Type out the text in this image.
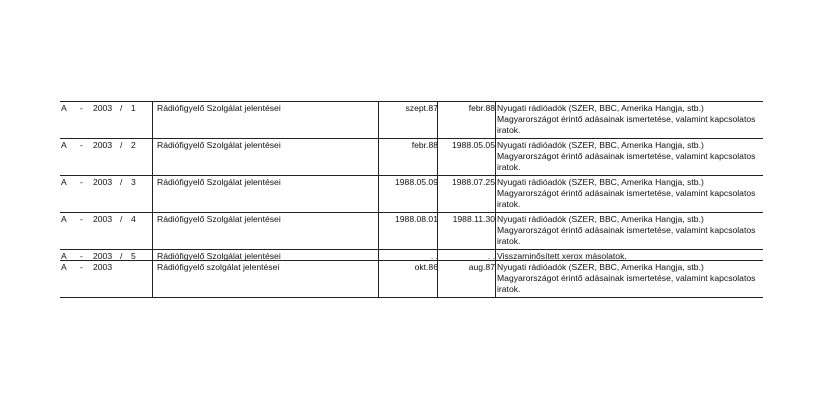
A - 2003 / 1 Rádiófigyelő Szolgálat jelentései	szept.87	febr.88 Nyugati rádióadók (SZER, BBC, Amerika Hangja, stb.) Magyarországot érintő adásainak ismertetése, valamint kapcsolatos iratok.
A - 2003 / 2 Rádiófigyelő Szolgálat jelentései	febr.88 1988.05.05 Nyugati rádióadók (SZER, BBC, Amerika Hangja, stb.) Magyarországot érintő adásainak ismertetése, valamint kapcsolatos iratok.
A - 2003 / 3 Rádiófigyelő Szolgálat jelentései	1988.05.09 1988.07.25 Nyugati rádióadók (SZER, BBC, Amerika Hangja, stb.) Magyarországot érintő adásainak ismertetése, valamint kapcsolatos iratok.
A - 2003 / 4 Rádiófigyelő Szolgálat jelentései	1988.08.01 1988.11.30 Nyugati rádióadók (SZER, BBC, Amerika Hangja, stb.) Magyarországot érintő adásainak ismertetése, valamint kapcsolatos iratok.
A - 2003 / 5 Rádiófigyelő Szolgálat jelentései	. .	. . Visszaminősített xerox másolatok.
A - 2003	Rádiófigyelő szolgálat jelentései	okt.86	aug.87 Nyugati rádióadók (SZER, BBC, Amerika Hangja, stb.) Magyarországot érintő adásainak ismertetése, valamint kapcsolatos iratok.
